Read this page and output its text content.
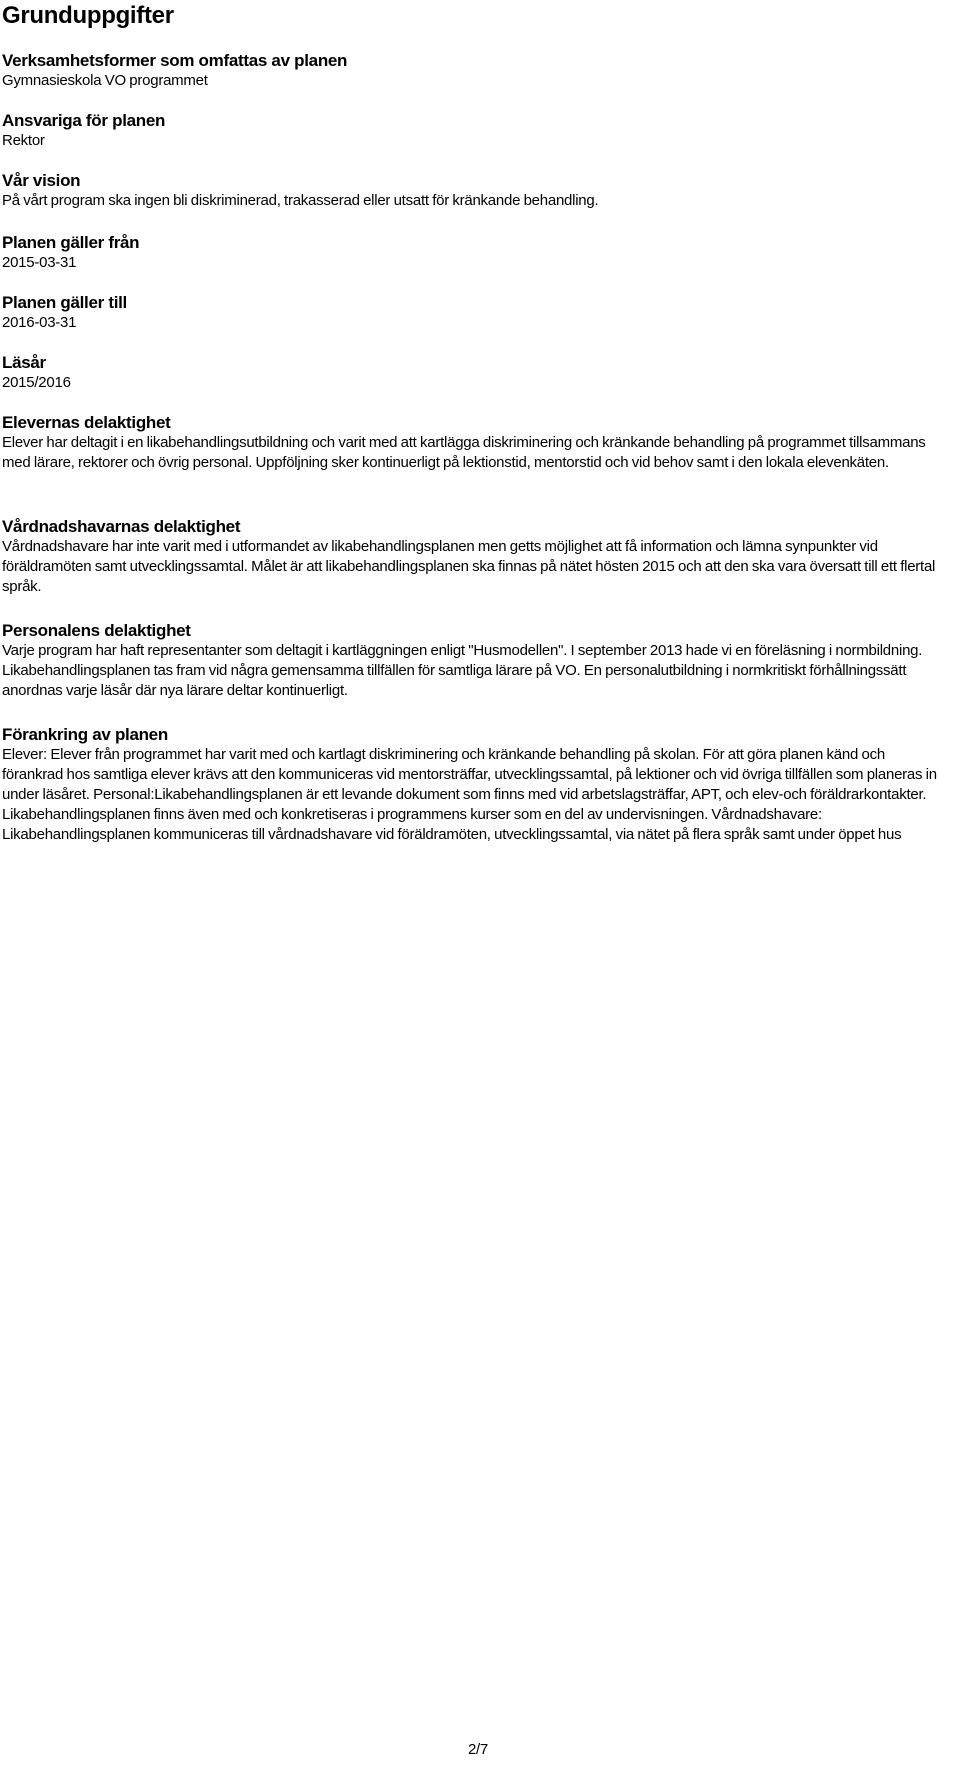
Grunduppgifter
Verksamhetsformer som omfattas av planen

Gymnasieskola VO programmet

Ansvariga för planen

Rektor

Vår vision

På vårt program ska ingen bli diskriminerad, trakasserad eller utsatt för kränkande behandling.

Planen gäller från

2015-03-31

Planen gäller till

2016-03-31

Läsår

2015/2016

Elevernas delaktighet

Elever har deltagit i en likabehandlingsutbildning och varit med att kartlägga diskriminering och kränkande behandling på programmet tillsammans med lärare, rektorer och övrig personal. Uppföljning sker kontinuerligt på lektionstid, mentorstid och vid behov samt i den lokala elevenkäten.

Vårdnadshavarnas delaktighet

Vårdnadshavare har inte varit med i utformandet av likabehandlingsplanen men getts möjlighet att få information och lämna synpunkter vid föräldramöten samt utvecklingssamtal. Målet är att likabehandlingsplanen ska finnas på nätet hösten 2015 och att den ska vara översatt till ett flertal språk.

Personalens delaktighet

Varje program har haft representanter som deltagit i kartläggningen enligt "Husmodellen". I september 2013 hade vi en föreläsning i normbildning. Likabehandlingsplanen tas fram vid några gemensamma tillfällen för samtliga lärare på VO. En personalutbildning i normkritiskt förhållningssätt anordnas varje läsår där nya lärare deltar kontinuerligt.

Förankring av planen

Elever: Elever från programmet har varit med och kartlagt diskriminering och kränkande behandling på skolan. För att göra planen känd och förankrad hos samtliga elever krävs att den kommuniceras vid mentorsträffar, utvecklingssamtal, på lektioner och vid övriga tillfällen som planeras in under läsåret. Personal:Likabehandlingsplanen är ett levande dokument som finns med vid arbetslagsträffar, APT, och elev-och föräldrarkontakter. Likabehandlingsplanen finns även med och konkretiseras i programmens kurser som en del av undervisningen. Vårdnadshavare: Likabehandlingsplanen kommuniceras till vårdnadshavare vid föräldramöten, utvecklingssamtal, via nätet på flera språk samt under öppet hus

2/7
